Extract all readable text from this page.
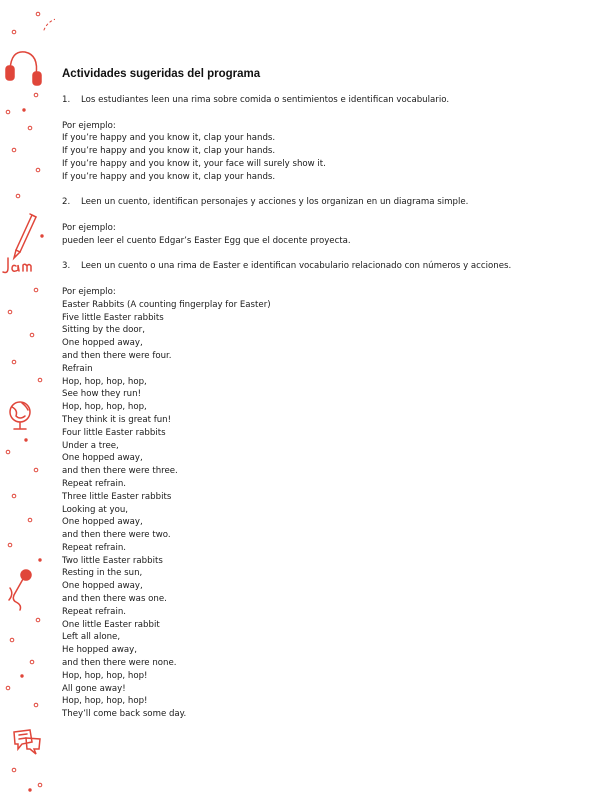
Actividades sugeridas del programa
1. Los estudiantes leen una rima sobre comida o sentimientos e identifican vocabulario.
Por ejemplo:
If you’re happy and you know it, clap your hands.
If you’re happy and you know it, clap your hands.
If you’re happy and you know it, your face will surely show it.
If you’re happy and you know it, clap your hands.
2. Leen un cuento, identifican personajes y acciones y los organizan en un diagrama simple.
Por ejemplo:
pueden leer el cuento Edgar’s Easter Egg que el docente proyecta.
3. Leen un cuento o una rima de Easter e identifican vocabulario relacionado con números y acciones.
Por ejemplo:
Easter Rabbits (A counting fingerplay for Easter)
Five little Easter rabbits
Sitting by the door,
One hopped away,
and then there were four.
Refrain
Hop, hop, hop, hop,
See how they run!
Hop, hop, hop, hop,
They think it is great fun!
Four little Easter rabbits
Under a tree,
One hopped away,
and then there were three.
Repeat refrain.
Three little Easter rabbits
Looking at you,
One hopped away,
and then there were two.
Repeat refrain.
Two little Easter rabbits
Resting in the sun,
One hopped away,
and then there was one.
Repeat refrain.
One little Easter rabbit
Left all alone,
He hopped away,
and then there were none.
Hop, hop, hop, hop!
All gone away!
Hop, hop, hop, hop!
They’ll come back some day.
